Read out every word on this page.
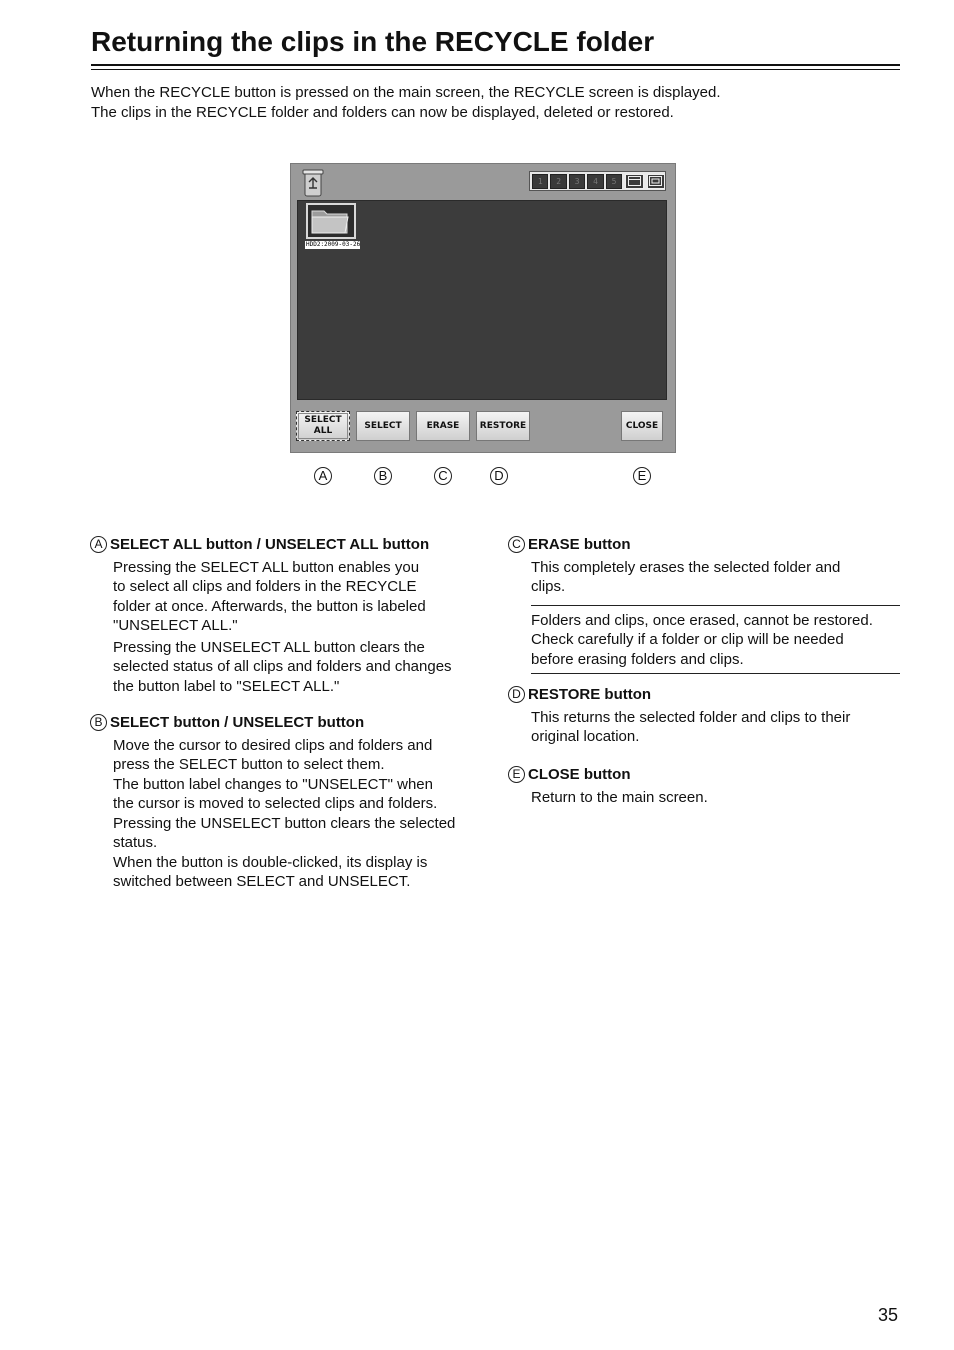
Returning the clips in the RECYCLE folder
When the RECYCLE button is pressed on the main screen, the RECYCLE screen is displayed.
The clips in the RECYCLE folder and folders can now be displayed, deleted or restored.
1	2	3	4	5
HDD2:2009-03-26
SELECT ALL
SELECT	ERASE	RESTORE	CLOSE
A	B	C	D	E
A SELECT ALL button / UNSELECT ALL button

Pressing the SELECT ALL button enables you

to select all clips and folders in the RECYCLE

folder at once. Afterwards, the button is labeled

"UNSELECT ALL."

Pressing the UNSELECT ALL button clears the

selected status of all clips and folders and changes

the button label to "SELECT ALL."

B SELECT button / UNSELECT button

Move the cursor to desired clips and folders and

press the SELECT button to select them.

The button label changes to "UNSELECT" when

the cursor is moved to selected clips and folders.

Pressing the UNSELECT button clears the selected

status.

When the button is double-clicked, its display is

switched between SELECT and UNSELECT.

C ERASE button

This completely erases the selected folder and

clips.

Folders and clips, once erased, cannot be restored.

Check carefully if a folder or clip will be needed

before erasing folders and clips.

D RESTORE button

This returns the selected folder and clips to their

original location.

E CLOSE button

Return to the main screen.

35
